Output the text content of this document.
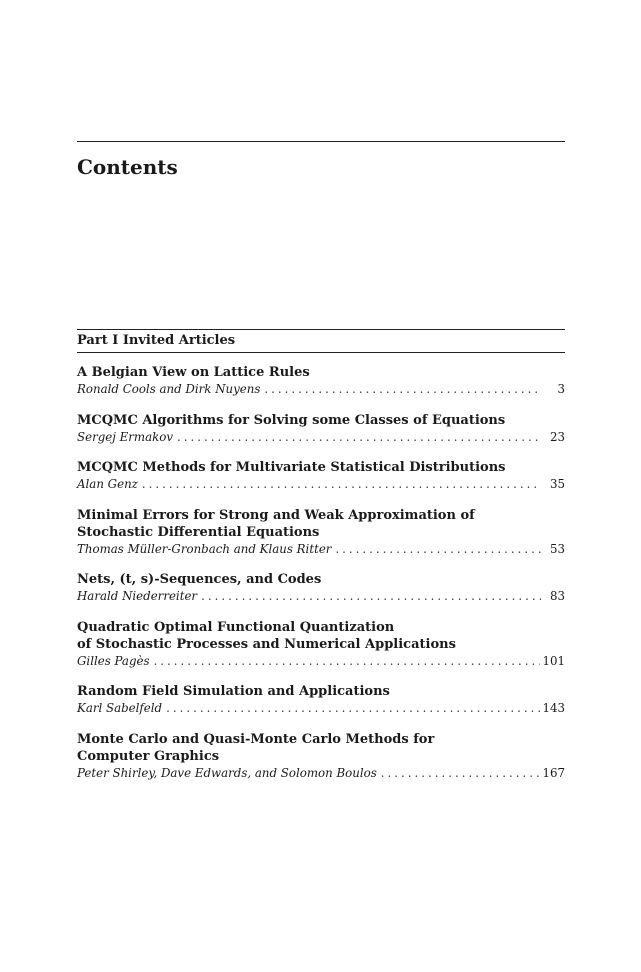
Contents
Part I Invited Articles
A Belgian View on Lattice Rules
Ronald Cools and Dirk Nuyens .....	3
MCQMC Algorithms for Solving some Classes of Equations
Sergej Ermakov .....	23
MCQMC Methods for Multivariate Statistical Distributions
Alan Genz .....	35
Minimal Errors for Strong and Weak Approximation of
Stochastic Differential Equations
Thomas Müller-Gronbach and Klaus Ritter .....	53
Nets, (t, s)-Sequences, and Codes
Harald Niederreiter .....	83
Quadratic Optimal Functional Quantization
of Stochastic Processes and Numerical Applications
Gilles Pagès .....	101
Random Field Simulation and Applications
Karl Sabelfeld .....	143
Monte Carlo and Quasi-Monte Carlo Methods for
Computer Graphics
Peter Shirley, Dave Edwards, and Solomon Boulos .....	167
